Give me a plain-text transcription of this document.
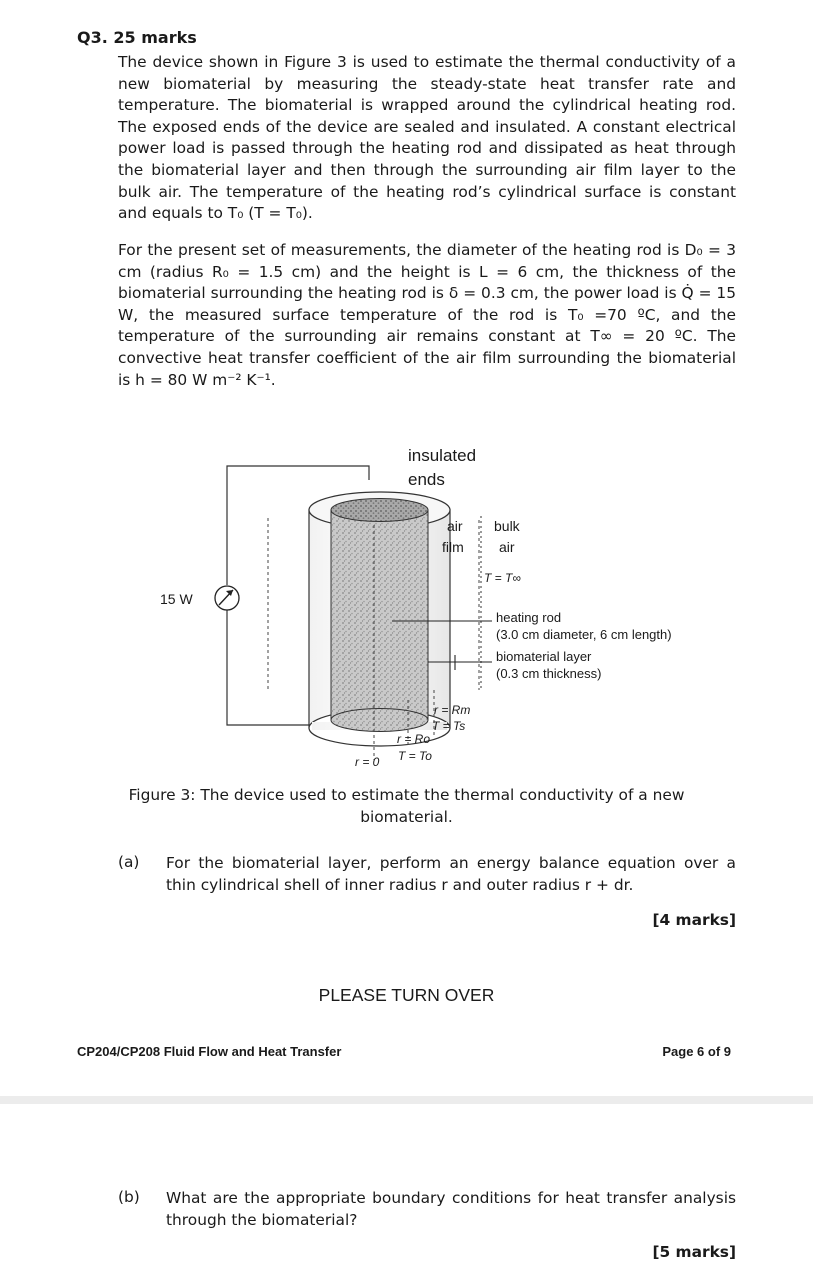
Q3. 25 marks

The device shown in Figure 3 is used to estimate the thermal conductivity of a new biomaterial by measuring the steady-state heat transfer rate and temperature. The biomaterial is wrapped around the cylindrical heating rod. The exposed ends of the device are sealed and insulated. A constant electrical power load is passed through the heating rod and dissipated as heat through the biomaterial layer and then through the surrounding air film layer to the bulk air. The temperature of the heating rod’s cylindrical surface is constant and equals to T₀ (T = T₀).

For the present set of measurements, the diameter of the heating rod is D₀ = 3 cm (radius R₀ = 1.5 cm) and the height is L = 6 cm, the thickness of the biomaterial surrounding the heating rod is δ = 0.3 cm, the power load is Q̇ = 15 W, the measured surface temperature of the rod is T₀ =70 ºC, and the temperature of the surrounding air remains constant at T∞ = 20 ºC. The convective heat transfer coefficient of the air film surrounding the biomaterial is h = 80 W m⁻² K⁻¹.

15 W
insulated
ends
air
film
bulk
air
T = T∞
heating rod
(3.0 cm diameter, 6 cm length)
biomaterial layer
(0.3 cm thickness)
r = Rm
T = Ts
r = Ro
T = To
r = 0
Figure 3: The device used to estimate the thermal conductivity of a new biomaterial.
(a) For the biomaterial layer, perform an energy balance equation over a thin cylindrical shell of inner radius r and outer radius r + dr.
[4 marks]
PLEASE TURN OVER
CP204/CP208 Fluid Flow and Heat Transfer	Page 6 of 9
(b) What are the appropriate boundary conditions for heat transfer analysis through the biomaterial?
[5 marks]
